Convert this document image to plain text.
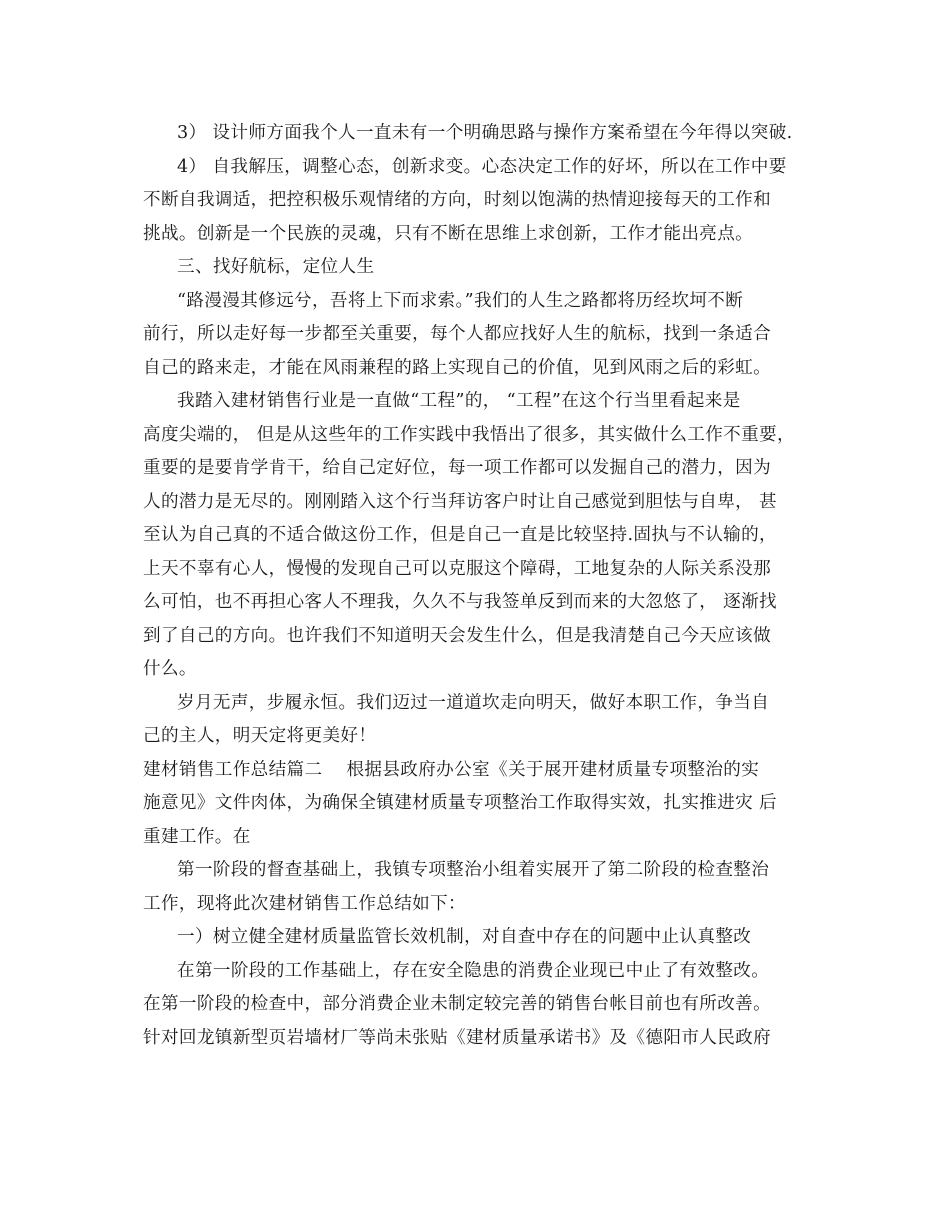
3） 设计师方面我个人一直未有一个明确思路与操作方案希望在今年得以突破.
4） 自我解压，调整心态，创新求变。心态决定工作的好坏，所以在工作中要
不断自我调适，把控积极乐观情绪的方向，时刻以饱满的热情迎接每天的工作和
挑战。创新是一个民族的灵魂，只有不断在思维上求创新，工作才能出亮点。
三、找好航标，定位人生
“路漫漫其修远兮，吾将上下而求索。”我们的人生之路都将历经坎坷不断
前行，所以走好每一步都至关重要，每个人都应找好人生的航标，找到一条适合
自己的路来走，才能在风雨兼程的路上实现自己的价值，见到风雨之后的彩虹。
我踏入建材销售行业是一直做“工程”的， “工程”在这个行当里看起来是
高度尖端的， 但是从这些年的工作实践中我悟出了很多，其实做什么工作不重要，
重要的是要肯学肯干，给自己定好位，每一项工作都可以发掘自己的潜力，因为
人的潜力是无尽的。刚刚踏入这个行当拜访客户时让自己感觉到胆怯与自卑， 甚
至认为自己真的不适合做这份工作，但是自己一直是比较坚持.固执与不认输的，
上天不辜有心人，慢慢的发现自己可以克服这个障碍，工地复杂的人际关系没那
么可怕，也不再担心客人不理我，久久不与我签单反到而来的大忽悠了， 逐渐找
到了自己的方向。也许我们不知道明天会发生什么，但是我清楚自己今天应该做
什么。
岁月无声，步履永恒。我们迈过一道道坎走向明天，做好本职工作，争当自
己的主人，明天定将更美好！
建材销售工作总结篇二 根据县政府办公室《关于展开建材质量专项整治的实
施意见》文件肉体，为确保全镇建材质量专项整治工作取得实效，扎实推进灾 后
重建工作。在
第一阶段的督查基础上，我镇专项整治小组着实展开了第二阶段的检查整治
工作，现将此次建材销售工作总结如下：
一）树立健全建材质量监管长效机制，对自查中存在的问题中止认真整改
在第一阶段的工作基础上，存在安全隐患的消费企业现已中止了有效整改。
在第一阶段的检查中，部分消费企业未制定较完善的销售台帐目前也有所改善。
针对回龙镇新型页岩墙材厂等尚未张贴《建材质量承诺书》及《德阳市人民政府
